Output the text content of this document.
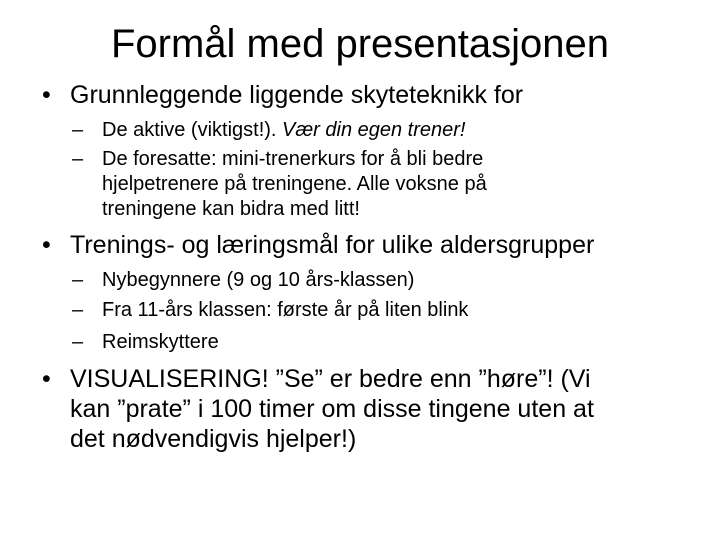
Formål med presentasjonen
• Grunnleggende liggende skyteteknikk for
– De aktive (viktigst!). Vær din egen trener!
– De foresatte: mini-trenerkurs for å bli bedre
hjelpetrenere på treningene. Alle voksne på
treningene kan bidra med litt!
• Trenings- og læringsmål for ulike aldersgrupper
– Nybegynnere (9 og 10 års-klassen)
– Fra 11-års klassen: første år på liten blink
– Reimskyttere
• VISUALISERING! ”Se” er bedre enn ”høre”! (Vi
kan ”prate” i 100 timer om disse tingene uten at
det nødvendigvis hjelper!)
